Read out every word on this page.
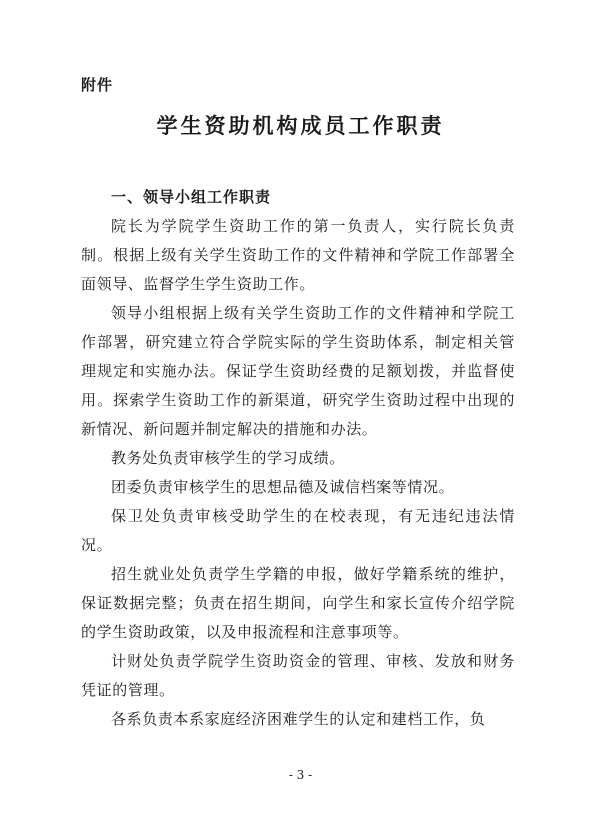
附件
学生资助机构成员工作职责

一、领导小组工作职责

院长为学院学生资助工作的第一负责人，实行院长负责制。根据上级有关学生资助工作的文件精神和学院工作部署全面领导、监督学生学生资助工作。

领导小组根据上级有关学生资助工作的文件精神和学院工作部署，研究建立符合学院实际的学生资助体系，制定相关管理规定和实施办法。保证学生资助经费的足额划拨，并监督使用。探索学生资助工作的新渠道，研究学生资助过程中出现的新情况、新问题并制定解决的措施和办法。

教务处负责审核学生的学习成绩。

团委负责审核学生的思想品德及诚信档案等情况。

保卫处负责审核受助学生的在校表现，有无违纪违法情况。

招生就业处负责学生学籍的申报，做好学籍系统的维护，保证数据完整；负责在招生期间，向学生和家长宣传介绍学院的学生资助政策，以及申报流程和注意事项等。

计财处负责学院学生资助资金的管理、审核、发放和财务凭证的管理。

各系负责本系家庭经济困难学生的认定和建档工作，负

- 3 -
